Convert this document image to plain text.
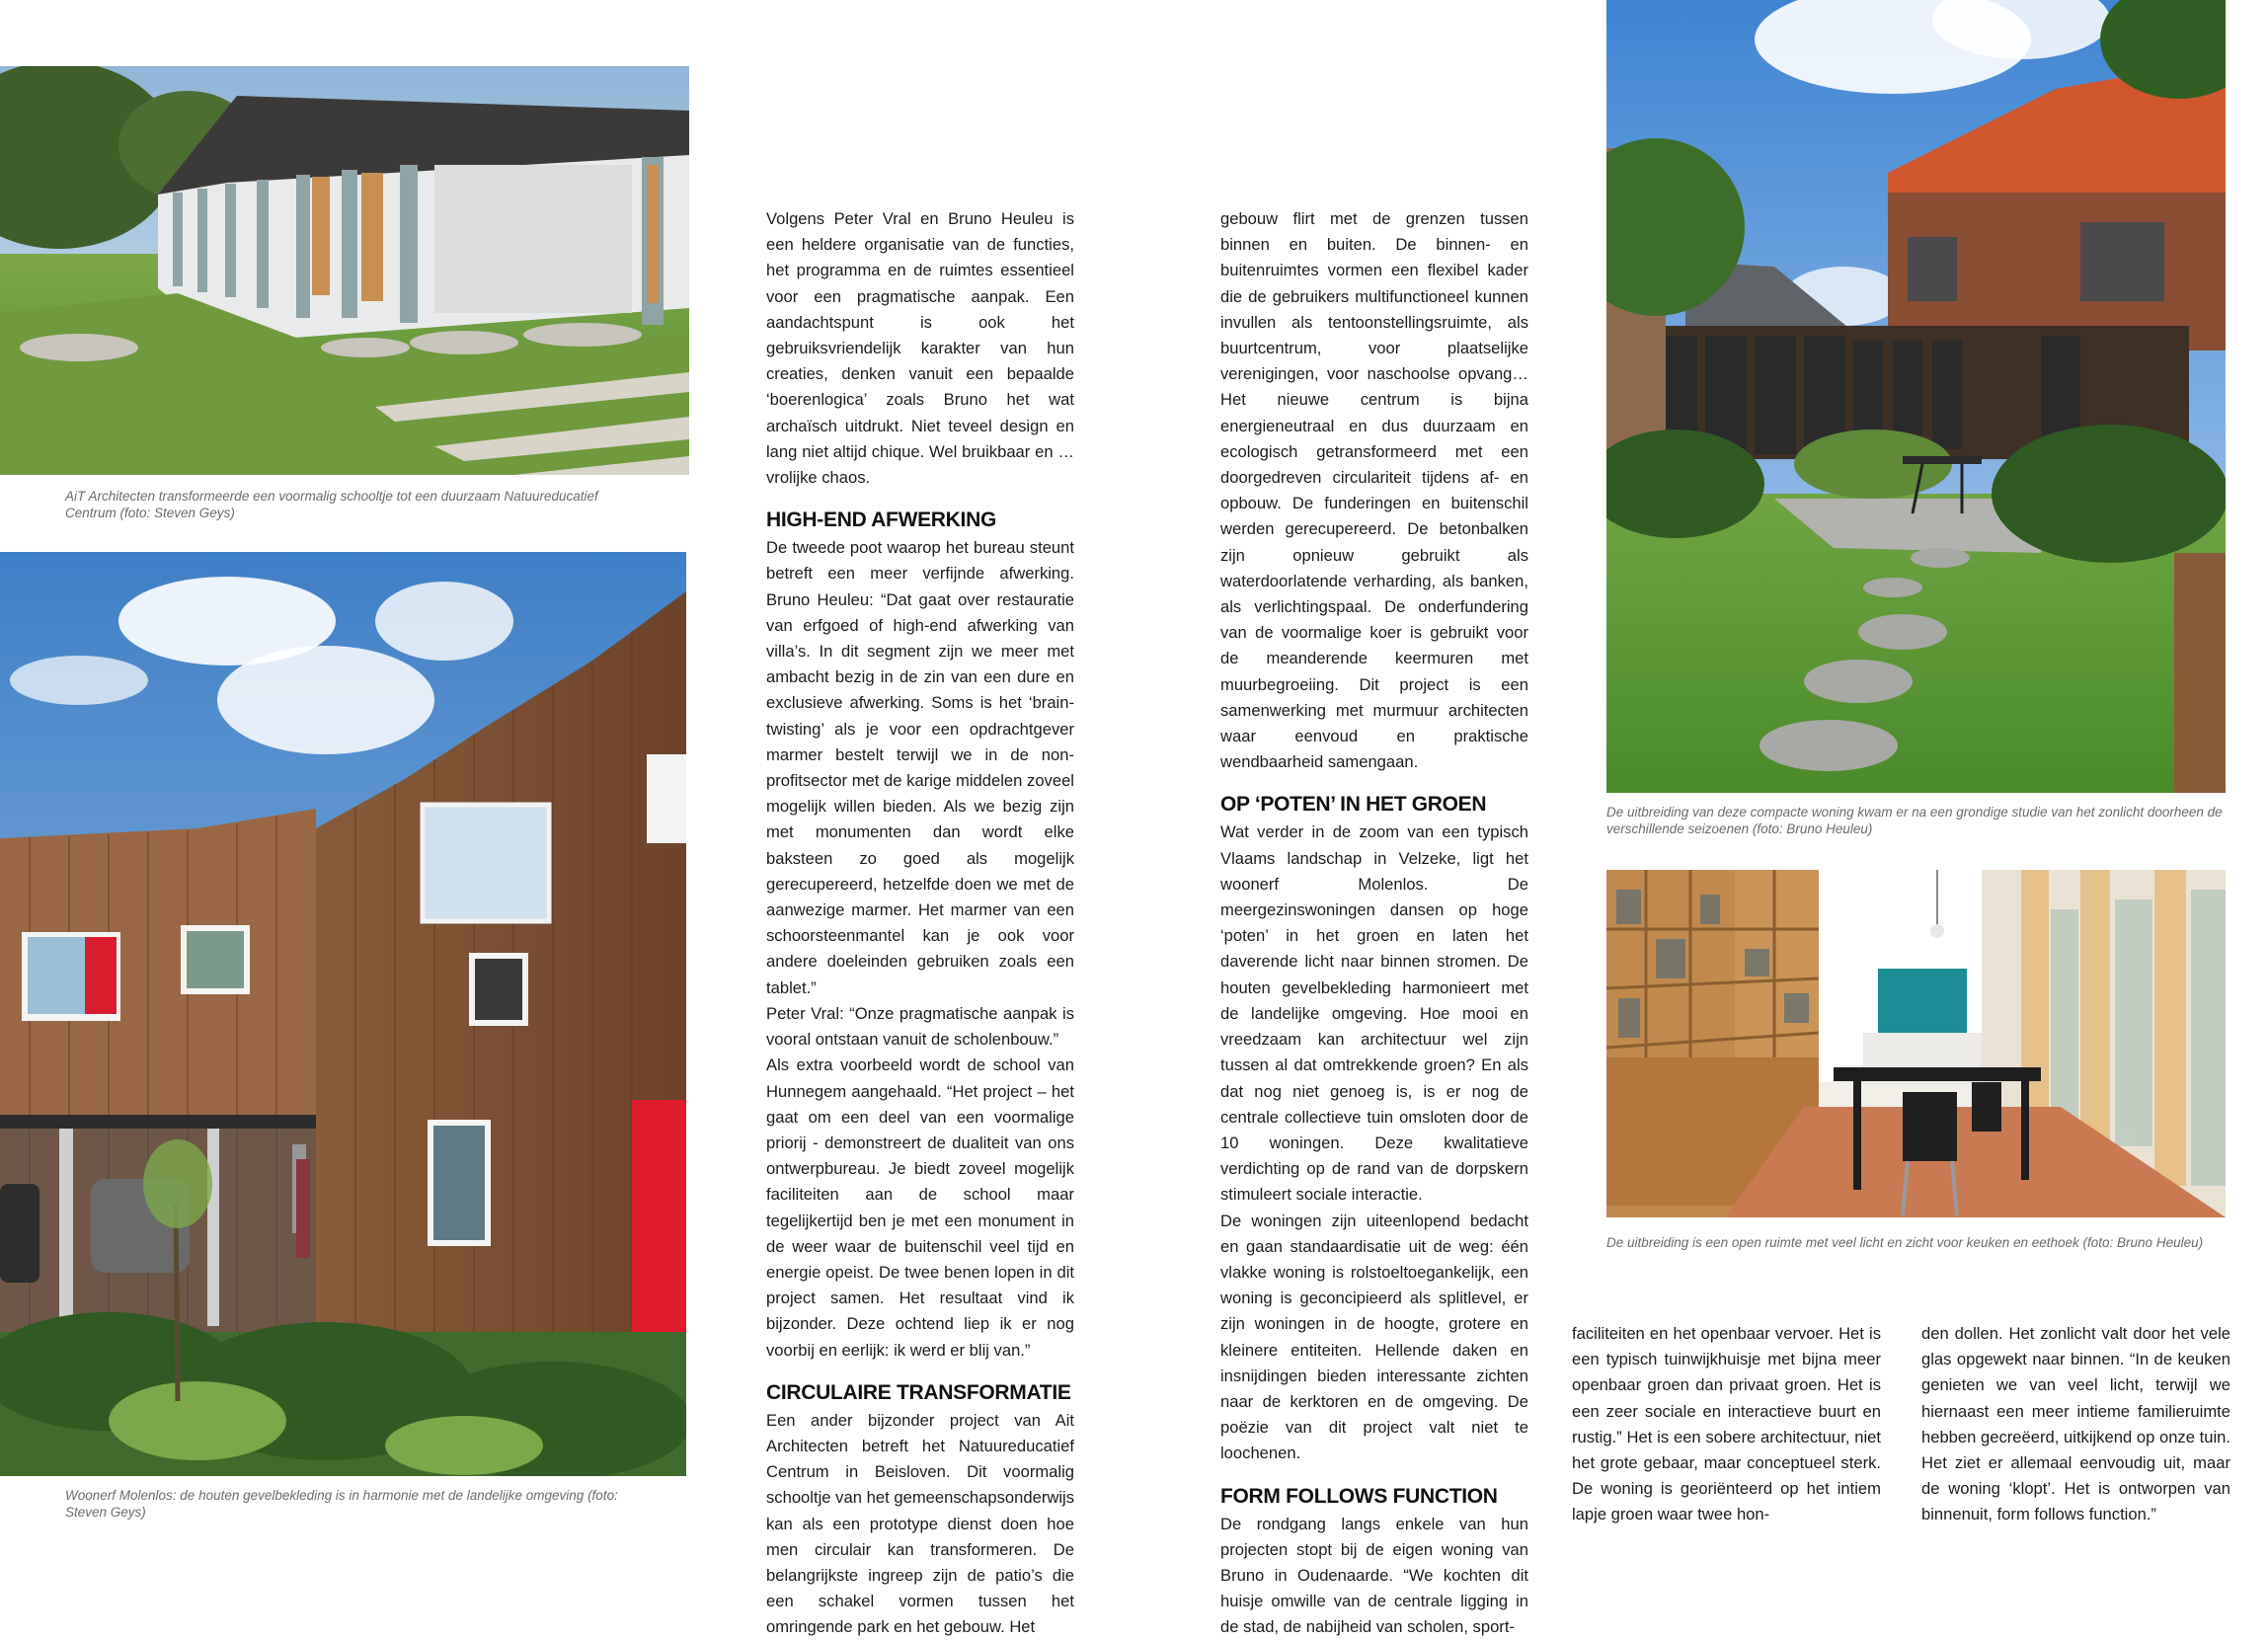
AiT Architecten transformeerde een voormalig schooltje tot een duurzaam Natuureducatief Centrum (foto: Steven Geys)
Woonerf Molenlos: de houten gevelbekleding is in harmonie met de landelijke omgeving (foto: Steven Geys)
De uitbreiding van deze compacte woning kwam er na een grondige studie van het zonlicht doorheen de verschillende seizoenen (foto: Bruno Heuleu)
De uitbreiding is een open ruimte met veel licht en zicht voor keuken en eethoek (foto: Bruno Heuleu)

Volgens Peter Vral en Bruno Heuleu is een heldere organisatie van de functies, het programma en de ruimtes essentieel voor een pragmatische aanpak. Een aandachtspunt is ook het gebruiksvriendelijk karakter van hun creaties, denken vanuit een bepaalde ‘boerenlogica’ zoals Bruno het wat archaïsch uitdrukt. Niet teveel design en lang niet altijd chique. Wel bruikbaar en … vrolijke chaos.

HIGH-END AFWERKING

De tweede poot waarop het bureau steunt betreft een meer verfijnde afwerking. Bruno Heuleu: “Dat gaat over restauratie van erfgoed of high-end afwerking van villa’s. In dit segment zijn we meer met ambacht bezig in de zin van een dure en exclusieve afwerking. Soms is het ‘brain-twisting’ als je voor een opdrachtgever marmer bestelt terwijl we in de non-profitsector met de karige middelen zoveel mogelijk willen bieden. Als we bezig zijn met monumenten dan wordt elke baksteen zo goed als mogelijk gerecupereerd, hetzelfde doen we met de aanwezige marmer. Het marmer van een schoorsteenmantel kan je ook voor andere doeleinden gebruiken zoals een tablet.”

Peter Vral: “Onze pragmatische aanpak is vooral ontstaan vanuit de scholenbouw.”

Als extra voorbeeld wordt de school van Hunnegem aangehaald. “Het project – het gaat om een deel van een voormalige priorij - demonstreert de dualiteit van ons ontwerpbureau. Je biedt zoveel mogelijk faciliteiten aan de school maar tegelijkertijd ben je met een monument in de weer waar de buitenschil veel tijd en energie opeist. De twee benen lopen in dit project samen. Het resultaat vind ik bijzonder. Deze ochtend liep ik er nog voorbij en eerlijk: ik werd er blij van.”

CIRCULAIRE TRANSFORMATIE

Een ander bijzonder project van Ait Architecten betreft het Natuureducatief Centrum in Beisloven. Dit voormalig schooltje van het gemeenschapsonderwijs kan als een prototype dienst doen hoe men circulair kan transformeren. De belangrijkste ingreep zijn de patio’s die een schakel vormen tussen het omringende park en het gebouw. Het

gebouw flirt met de grenzen tussen binnen en buiten. De binnen- en buitenruimtes vormen een flexibel kader die de gebruikers multifunctioneel kunnen invullen als tentoonstellingsruimte, als buurtcentrum, voor plaatselijke verenigingen, voor naschoolse opvang… Het nieuwe centrum is bijna energieneutraal en dus duurzaam en ecologisch getransformeerd met een doorgedreven circulariteit tijdens af- en opbouw. De funderingen en buitenschil werden gerecupereerd. De betonbalken zijn opnieuw gebruikt als waterdoorlatende verharding, als banken, als verlichtingspaal. De onderfundering van de voormalige koer is gebruikt voor de meanderende keermuren met muurbegroeiing. Dit project is een samenwerking met murmuur architecten waar eenvoud en praktische wendbaarheid samengaan.

OP ‘POTEN’ IN HET GROEN

Wat verder in de zoom van een typisch Vlaams landschap in Velzeke, ligt het woonerf Molenlos. De meergezinswoningen dansen op hoge ‘poten’ in het groen en laten het daverende licht naar binnen stromen. De houten gevelbekleding harmonieert met de landelijke omgeving. Hoe mooi en vreedzaam kan architectuur wel zijn tussen al dat omtrekkende groen? En als dat nog niet genoeg is, is er nog de centrale collectieve tuin omsloten door de 10 woningen. Deze kwalitatieve verdichting op de rand van de dorpskern stimuleert sociale interactie.

De woningen zijn uiteenlopend bedacht en gaan standaardisatie uit de weg: één vlakke woning is rolstoeltoegankelijk, een woning is geconcipieerd als splitlevel, er zijn woningen in de hoogte, grotere en kleinere entiteiten. Hellende daken en insnijdingen bieden interessante zichten naar de kerktoren en de omgeving. De poëzie van dit project valt niet te loochenen.

FORM FOLLOWS FUNCTION

De rondgang langs enkele van hun projecten stopt bij de eigen woning van Bruno in Oudenaarde. “We kochten dit huisje omwille van de centrale ligging in de stad, de nabijheid van scholen, sport-

faciliteiten en het openbaar vervoer. Het is een typisch tuinwijkhuisje met bijna meer openbaar groen dan privaat groen. Het is een zeer sociale en interactieve buurt en rustig.” Het is een sobere architectuur, niet het grote gebaar, maar conceptueel sterk. De woning is georiënteerd op het intiem lapje groen waar twee hon-

den dollen. Het zonlicht valt door het vele glas opgewekt naar binnen. “In de keuken genieten we van veel licht, terwijl we hiernaast een meer intieme familieruimte hebben gecreëerd, uitkijkend op onze tuin. Het ziet er allemaal eenvoudig uit, maar de woning ‘klopt’. Het is ontworpen van binnenuit, form follows function.”
